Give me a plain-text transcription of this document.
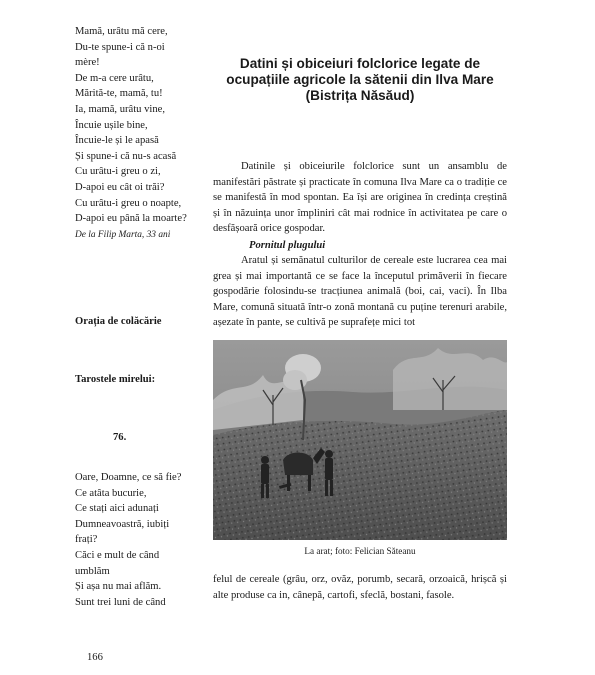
Mamă, urâtu mă cere,
Du-te spune-i că n-oi
mère!
De m-a cere urâtu,
Mărită-te, mamă, tu!
Ia, mamă, urâtu vine,
Încuie ușile bine,
Încuie-le și le apasă
Și spune-i că nu-s acasă
Cu urâtu-i greu o zi,
D-apoi eu cât oi trăi?
Cu urâtu-i greu o noapte,
D-apoi eu până la moarte?
De la Filip Marta, 33 ani
Orația de colăcărie
Tarostele mirelui:
76.
Oare, Doamne, ce să fie?
Ce atâta bucurie,
Ce stați aici adunați
Dumneavoastră, iubiți
frați?
Căci e mult de când
umblăm
Și așa nu mai aflăm.
Sunt trei luni de când
Datini și obiceiuri folclorice legate de ocupațiile agricole la sătenii din Ilva Mare (Bistrița Năsăud)
Datinile și obiceiurile folclorice sunt un ansamblu de manifestări păstrate și practicate în comuna Ilva Mare ca o tradiție ce se manifestă în mod spontan. Ea își are originea în credința creștină și în năzuința unor împliniri cât mai rodnice în activitatea pe care o desfășoară orice gospodar.
Pornitul plugului
Aratul și semănatul culturilor de cereale este lucrarea cea mai grea și mai importantă ce se face la începutul primăverii în fiecare gospodărie folosindu-se tracțiunea animală (boi, cai, vaci). În Ilba Mare, comună situată într-o zonă montană cu puține terenuri arabile, așezate în pante, se cultivă pe suprafețe mici tot
La arat; foto: Felician Săteanu
felul de cereale (grâu, orz, ovăz, porumb, secară, orzoaică, hrișcă și alte produse ca in, cânepă, cartofi, sfeclă, bostani, fasole.
166
